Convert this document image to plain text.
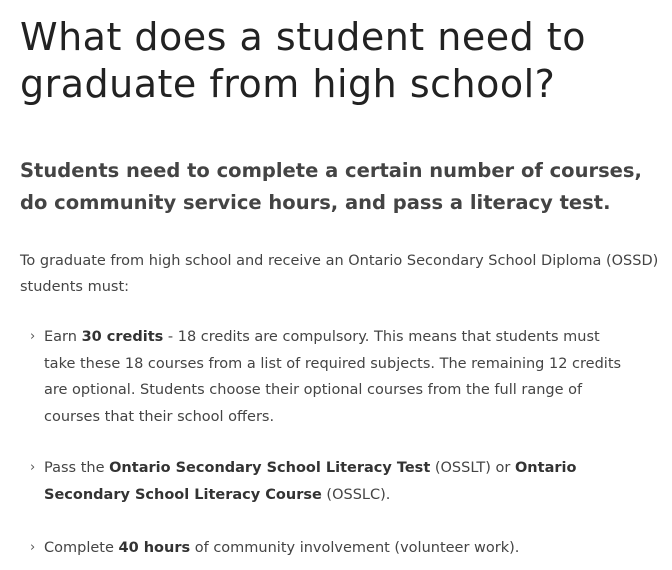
What does a student need to graduate from high school?
Students need to complete a certain number of courses, do community service hours, and pass a literacy test.

To graduate from high school and receive an Ontario Secondary School Diploma (OSSD) students must:

› Earn 30 credits - 18 credits are compulsory. This means that students must take these 18 courses from a list of required subjects. The remaining 12 credits are optional. Students choose their optional courses from the full range of courses that their school offers.
› Pass the Ontario Secondary School Literacy Test (OSSLT) or Ontario Secondary School Literacy Course (OSSLC).
› Complete 40 hours of community involvement (volunteer work).
